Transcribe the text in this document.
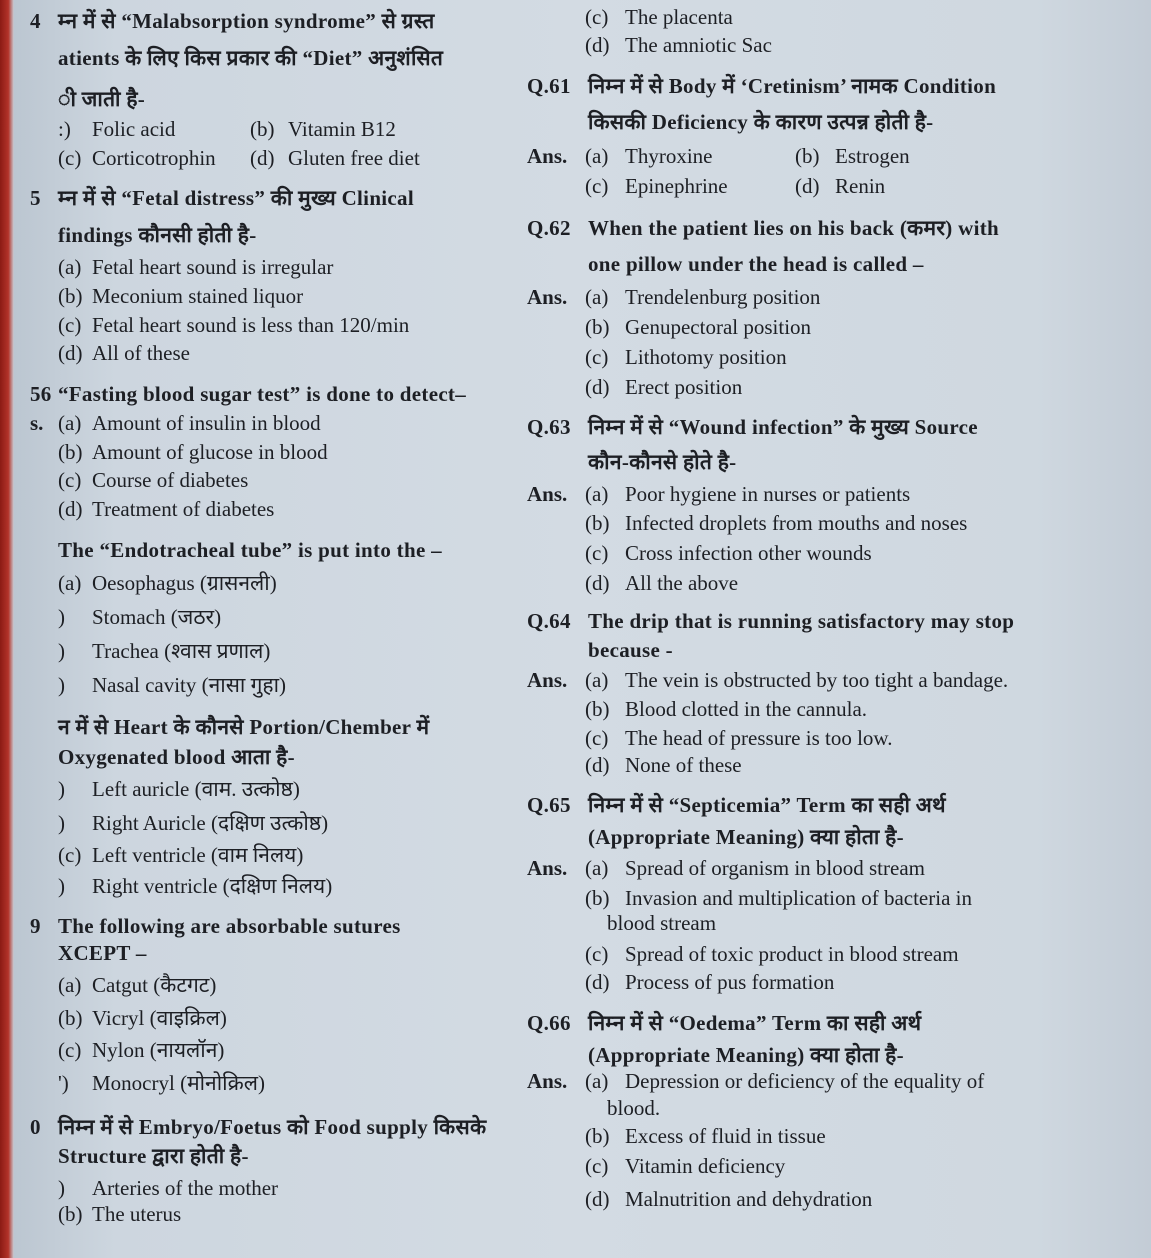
4 म्न में से “Malabsorption syndrome” से ग्रस्त
atients के लिए किस प्रकार की “Diet” अनुशंसित
ी जाती है-
:) Folic acid	(b) Vitamin B12
(c) Corticotrophin (d) Gluten free diet
5 म्न में से “Fetal distress” की मुख्य Clinical
findings कौनसी होती है-
(a) Fetal heart sound is irregular
(b) Meconium stained liquor
(c) Fetal heart sound is less than 120/min
(d) All of these
56 “Fasting blood sugar test” is done to detect–
s. (a) Amount of insulin in blood
(b) Amount of glucose in blood
(c) Course of diabetes
(d) Treatment of diabetes
The “Endotracheal tube” is put into the –
(a) Oesophagus (ग्रासनली)
) Stomach (जठर)
) Trachea (श्वास प्रणाल)
) Nasal cavity (नासा गुहा)
न में से Heart के कौनसे Portion/Chember में
Oxygenated blood आता है-
) Left auricle (वाम. उत्कोष्ठ)
) Right Auricle (दक्षिण उत्कोष्ठ)
(c) Left ventricle (वाम निलय)
) Right ventricle (दक्षिण निलय)
9 The following are absorbable sutures
XCEPT –
(a) Catgut (कैटगट)
(b) Vicryl (वाइक्रिल)
(c) Nylon (नायलॉन)
') Monocryl (मोनोक्रिल)
0 निम्न में से Embryo/Foetus को Food supply किसके
Structure द्वारा होती है-
) Arteries of the mother
(b) The uterus
(c) The placenta
(d) The amniotic Sac
Q.61 निम्न में से Body में ‘Cretinism’ नामक Condition
किसकी Deficiency के कारण उत्पन्न होती है-
Ans. (a) Thyroxine	(b) Estrogen
(c) Epinephrine	(d) Renin
Q.62 When the patient lies on his back (कमर) with
one pillow under the head is called –
Ans. (a) Trendelenburg position
(b) Genupectoral position
(c) Lithotomy position
(d) Erect position
Q.63 निम्न में से “Wound infection” के मुख्य Source
कौन-कौनसे होते है-
Ans. (a) Poor hygiene in nurses or patients
(b) Infected droplets from mouths and noses
(c) Cross infection other wounds
(d) All the above
Q.64 The drip that is running satisfactory may stop
because -
Ans. (a) The vein is obstructed by too tight a bandage.
(b) Blood clotted in the cannula.
(c) The head of pressure is too low.
(d) None of these
Q.65 निम्न में से “Septicemia” Term का सही अर्थ
(Appropriate Meaning) क्या होता है-
Ans. (a) Spread of organism in blood stream
(b) Invasion and multiplication of bacteria in
blood stream
(c) Spread of toxic product in blood stream
(d) Process of pus formation
Q.66 निम्न में से “Oedema” Term का सही अर्थ
(Appropriate Meaning) क्या होता है-
Ans. (a) Depression or deficiency of the equality of
blood.
(b) Excess of fluid in tissue
(c) Vitamin deficiency
(d) Malnutrition and dehydration
